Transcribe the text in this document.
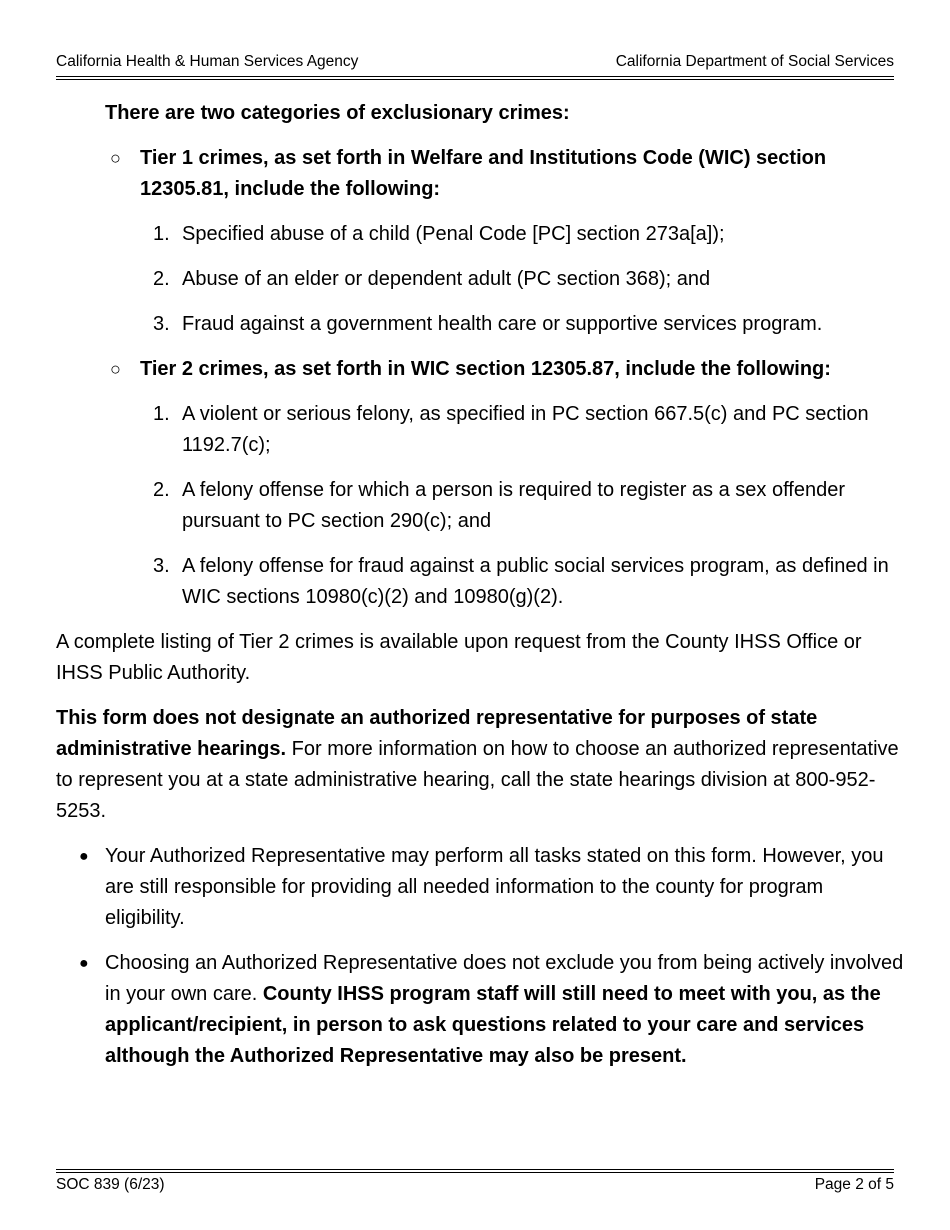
California Health & Human Services Agency	California Department of Social Services

There are two categories of exclusionary crimes:

○ Tier 1 crimes, as set forth in Welfare and Institutions Code (WIC) section 12305.81, include the following:
1. Specified abuse of a child (Penal Code [PC] section 273a[a]);
2. Abuse of an elder or dependent adult (PC section 368); and
3. Fraud against a government health care or supportive services program.
○ Tier 2 crimes, as set forth in WIC section 12305.87, include the following:
1. A violent or serious felony, as specified in PC section 667.5(c) and PC section 1192.7(c);
2. A felony offense for which a person is required to register as a sex offender pursuant to PC section 290(c); and
3. A felony offense for fraud against a public social services program, as defined in WIC sections 10980(c)(2) and 10980(g)(2).

A complete listing of Tier 2 crimes is available upon request from the County IHSS Office or IHSS Public Authority.

This form does not designate an authorized representative for purposes of state administrative hearings. For more information on how to choose an authorized representative to represent you at a state administrative hearing, call the state hearings division at 800-952-5253.

● Your Authorized Representative may perform all tasks stated on this form. However, you are still responsible for providing all needed information to the county for program eligibility.
● Choosing an Authorized Representative does not exclude you from being actively involved in your own care. County IHSS program staff will still need to meet with you, as the applicant/recipient, in person to ask questions related to your care and services although the Authorized Representative may also be present.
SOC 839 (6/23)	Page 2 of 5
